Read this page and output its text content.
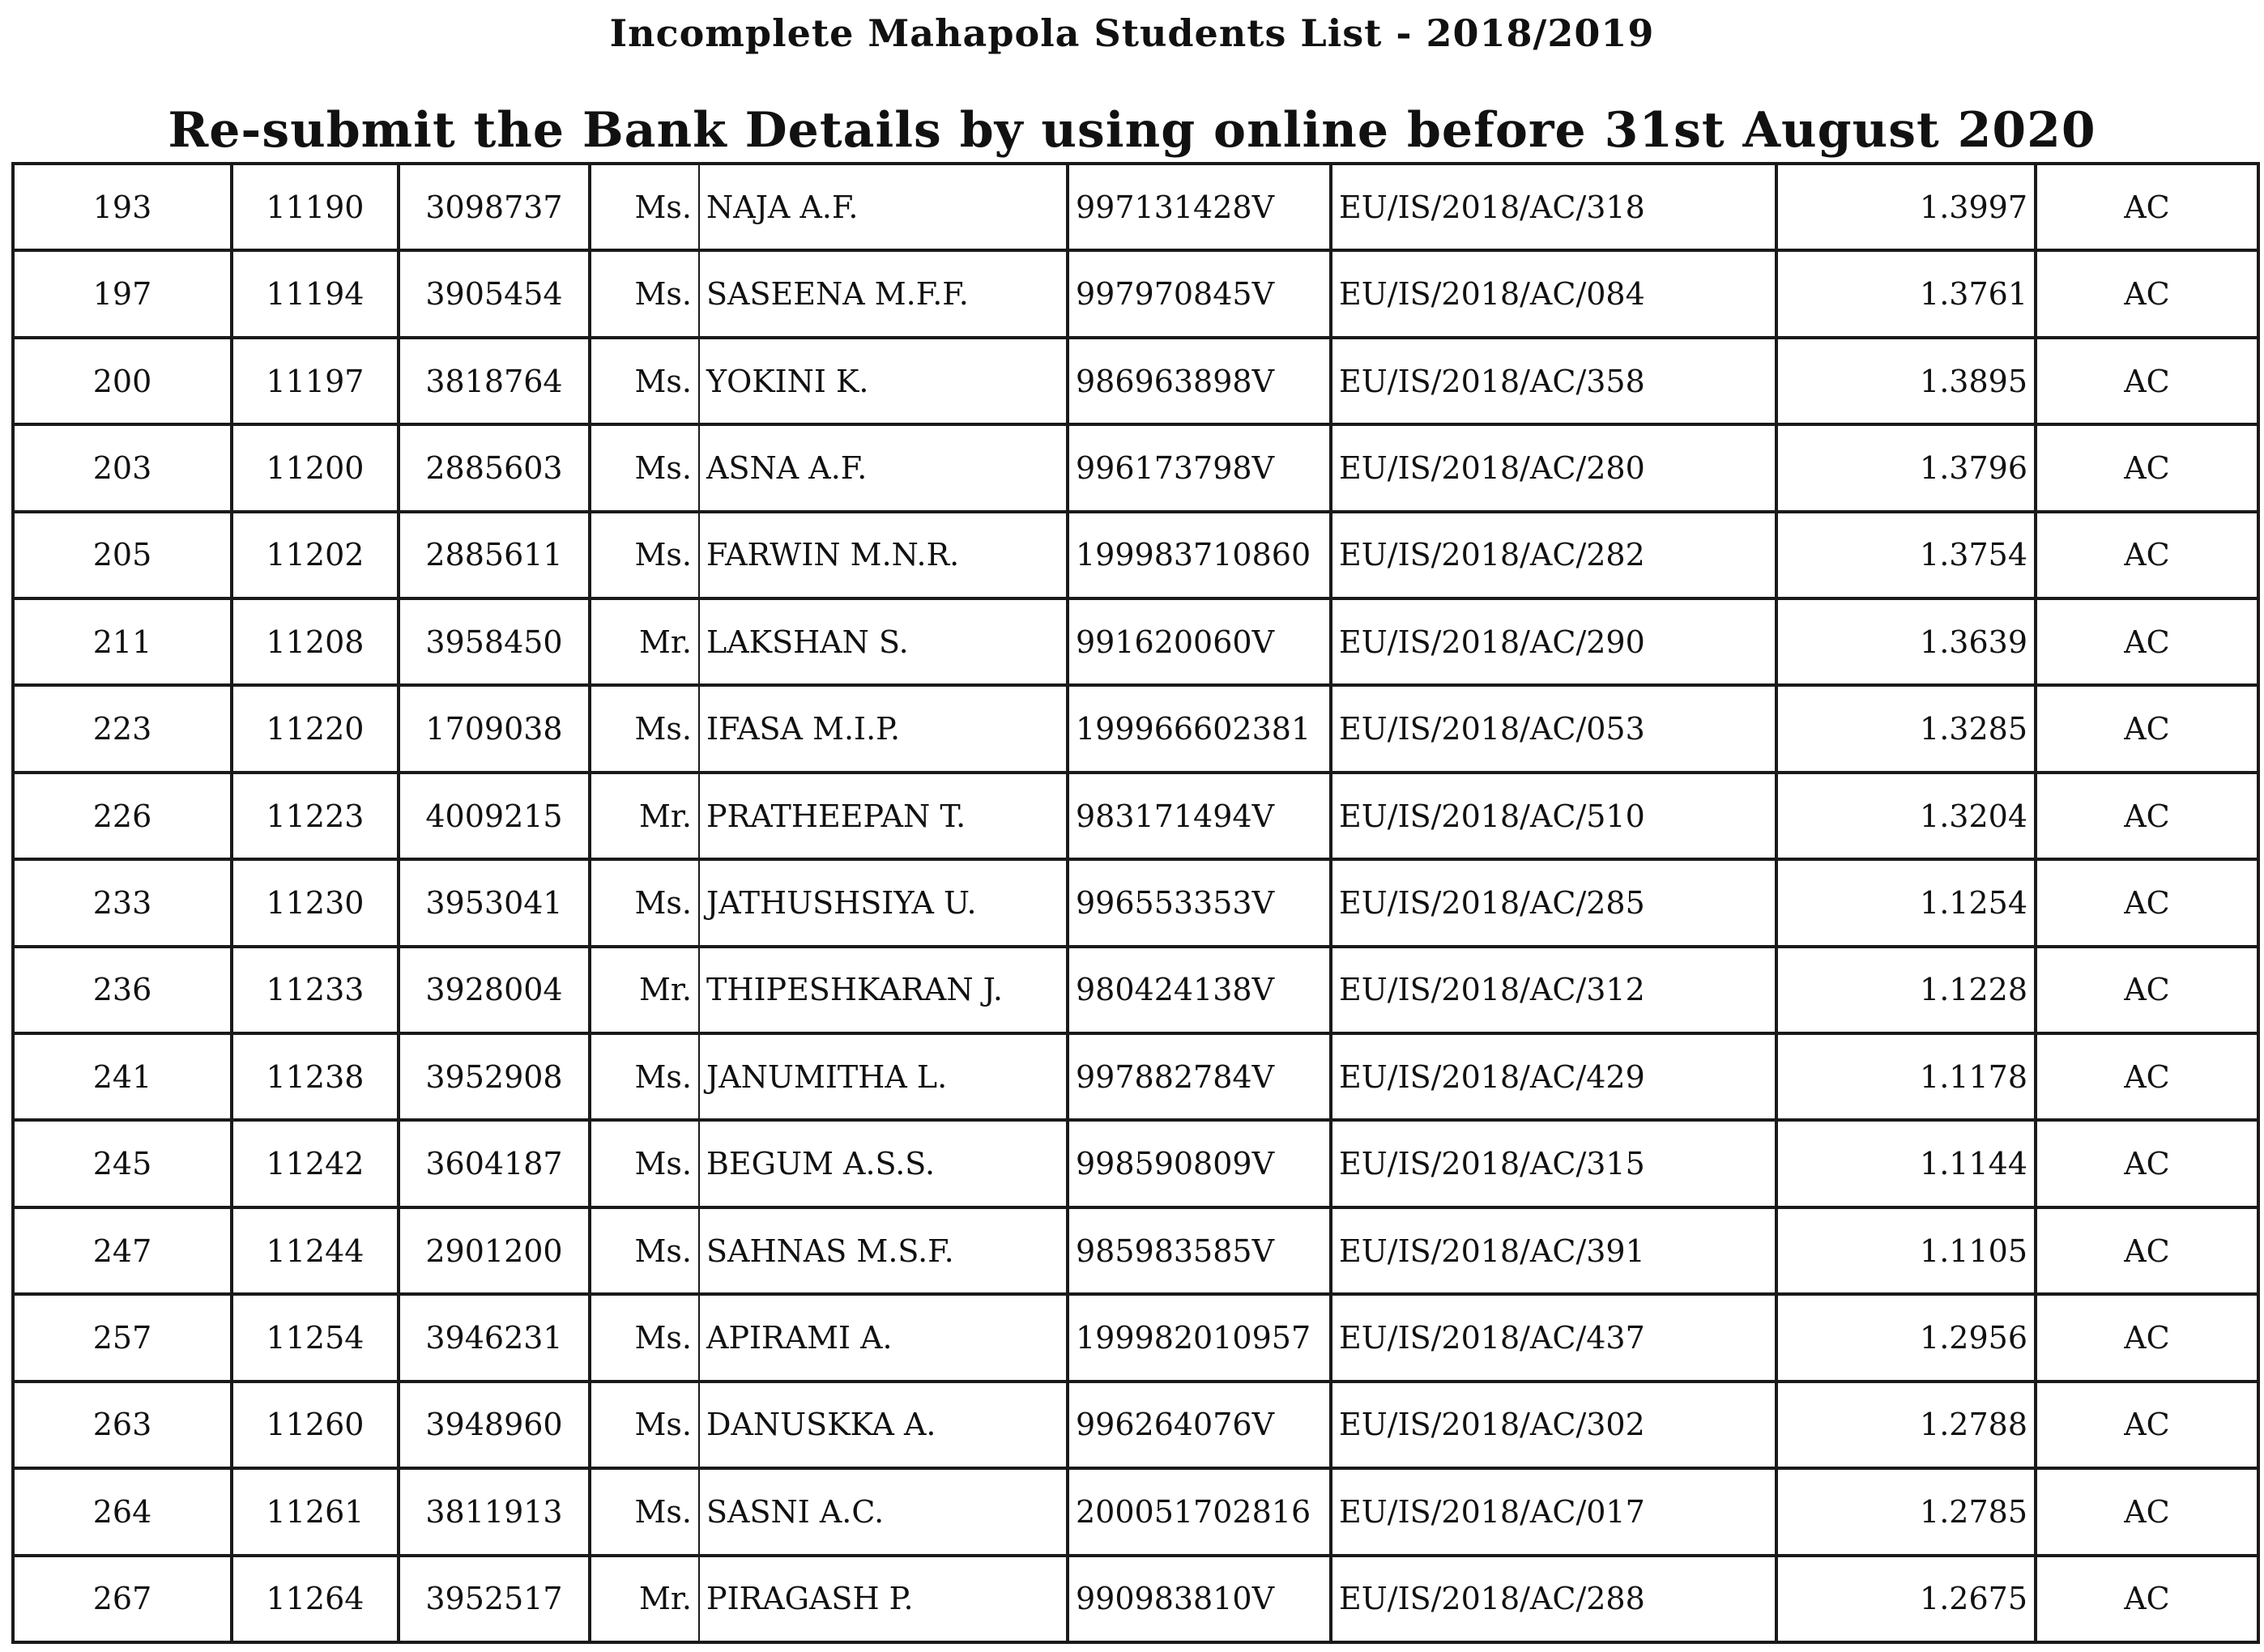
Incomplete Mahapola Students List - 2018/2019
Re-submit the Bank Details by using online before 31st August 2020
193	11190	3098737	Ms.	NAJA A.F.	997131428V	EU/IS/2018/AC/318	1.3997	AC
197	11194	3905454	Ms.	SASEENA M.F.F.	997970845V	EU/IS/2018/AC/084	1.3761	AC
200	11197	3818764	Ms.	YOKINI K.	986963898V	EU/IS/2018/AC/358	1.3895	AC
203	11200	2885603	Ms.	ASNA A.F.	996173798V	EU/IS/2018/AC/280	1.3796	AC
205	11202	2885611	Ms.	FARWIN M.N.R.	199983710860	EU/IS/2018/AC/282	1.3754	AC
211	11208	3958450	Mr.	LAKSHAN S.	991620060V	EU/IS/2018/AC/290	1.3639	AC
223	11220	1709038	Ms.	IFASA M.I.P.	199966602381	EU/IS/2018/AC/053	1.3285	AC
226	11223	4009215	Mr.	PRATHEEPAN T.	983171494V	EU/IS/2018/AC/510	1.3204	AC
233	11230	3953041	Ms.	JATHUSHSIYA U.	996553353V	EU/IS/2018/AC/285	1.1254	AC
236	11233	3928004	Mr.	THIPESHKARAN J.	980424138V	EU/IS/2018/AC/312	1.1228	AC
241	11238	3952908	Ms.	JANUMITHA L.	997882784V	EU/IS/2018/AC/429	1.1178	AC
245	11242	3604187	Ms.	BEGUM A.S.S.	998590809V	EU/IS/2018/AC/315	1.1144	AC
247	11244	2901200	Ms.	SAHNAS M.S.F.	985983585V	EU/IS/2018/AC/391	1.1105	AC
257	11254	3946231	Ms.	APIRAMI A.	199982010957	EU/IS/2018/AC/437	1.2956	AC
263	11260	3948960	Ms.	DANUSKKA A.	996264076V	EU/IS/2018/AC/302	1.2788	AC
264	11261	3811913	Ms.	SASNI A.C.	200051702816	EU/IS/2018/AC/017	1.2785	AC
267	11264	3952517	Mr.	PIRAGASH P.	990983810V	EU/IS/2018/AC/288	1.2675	AC
